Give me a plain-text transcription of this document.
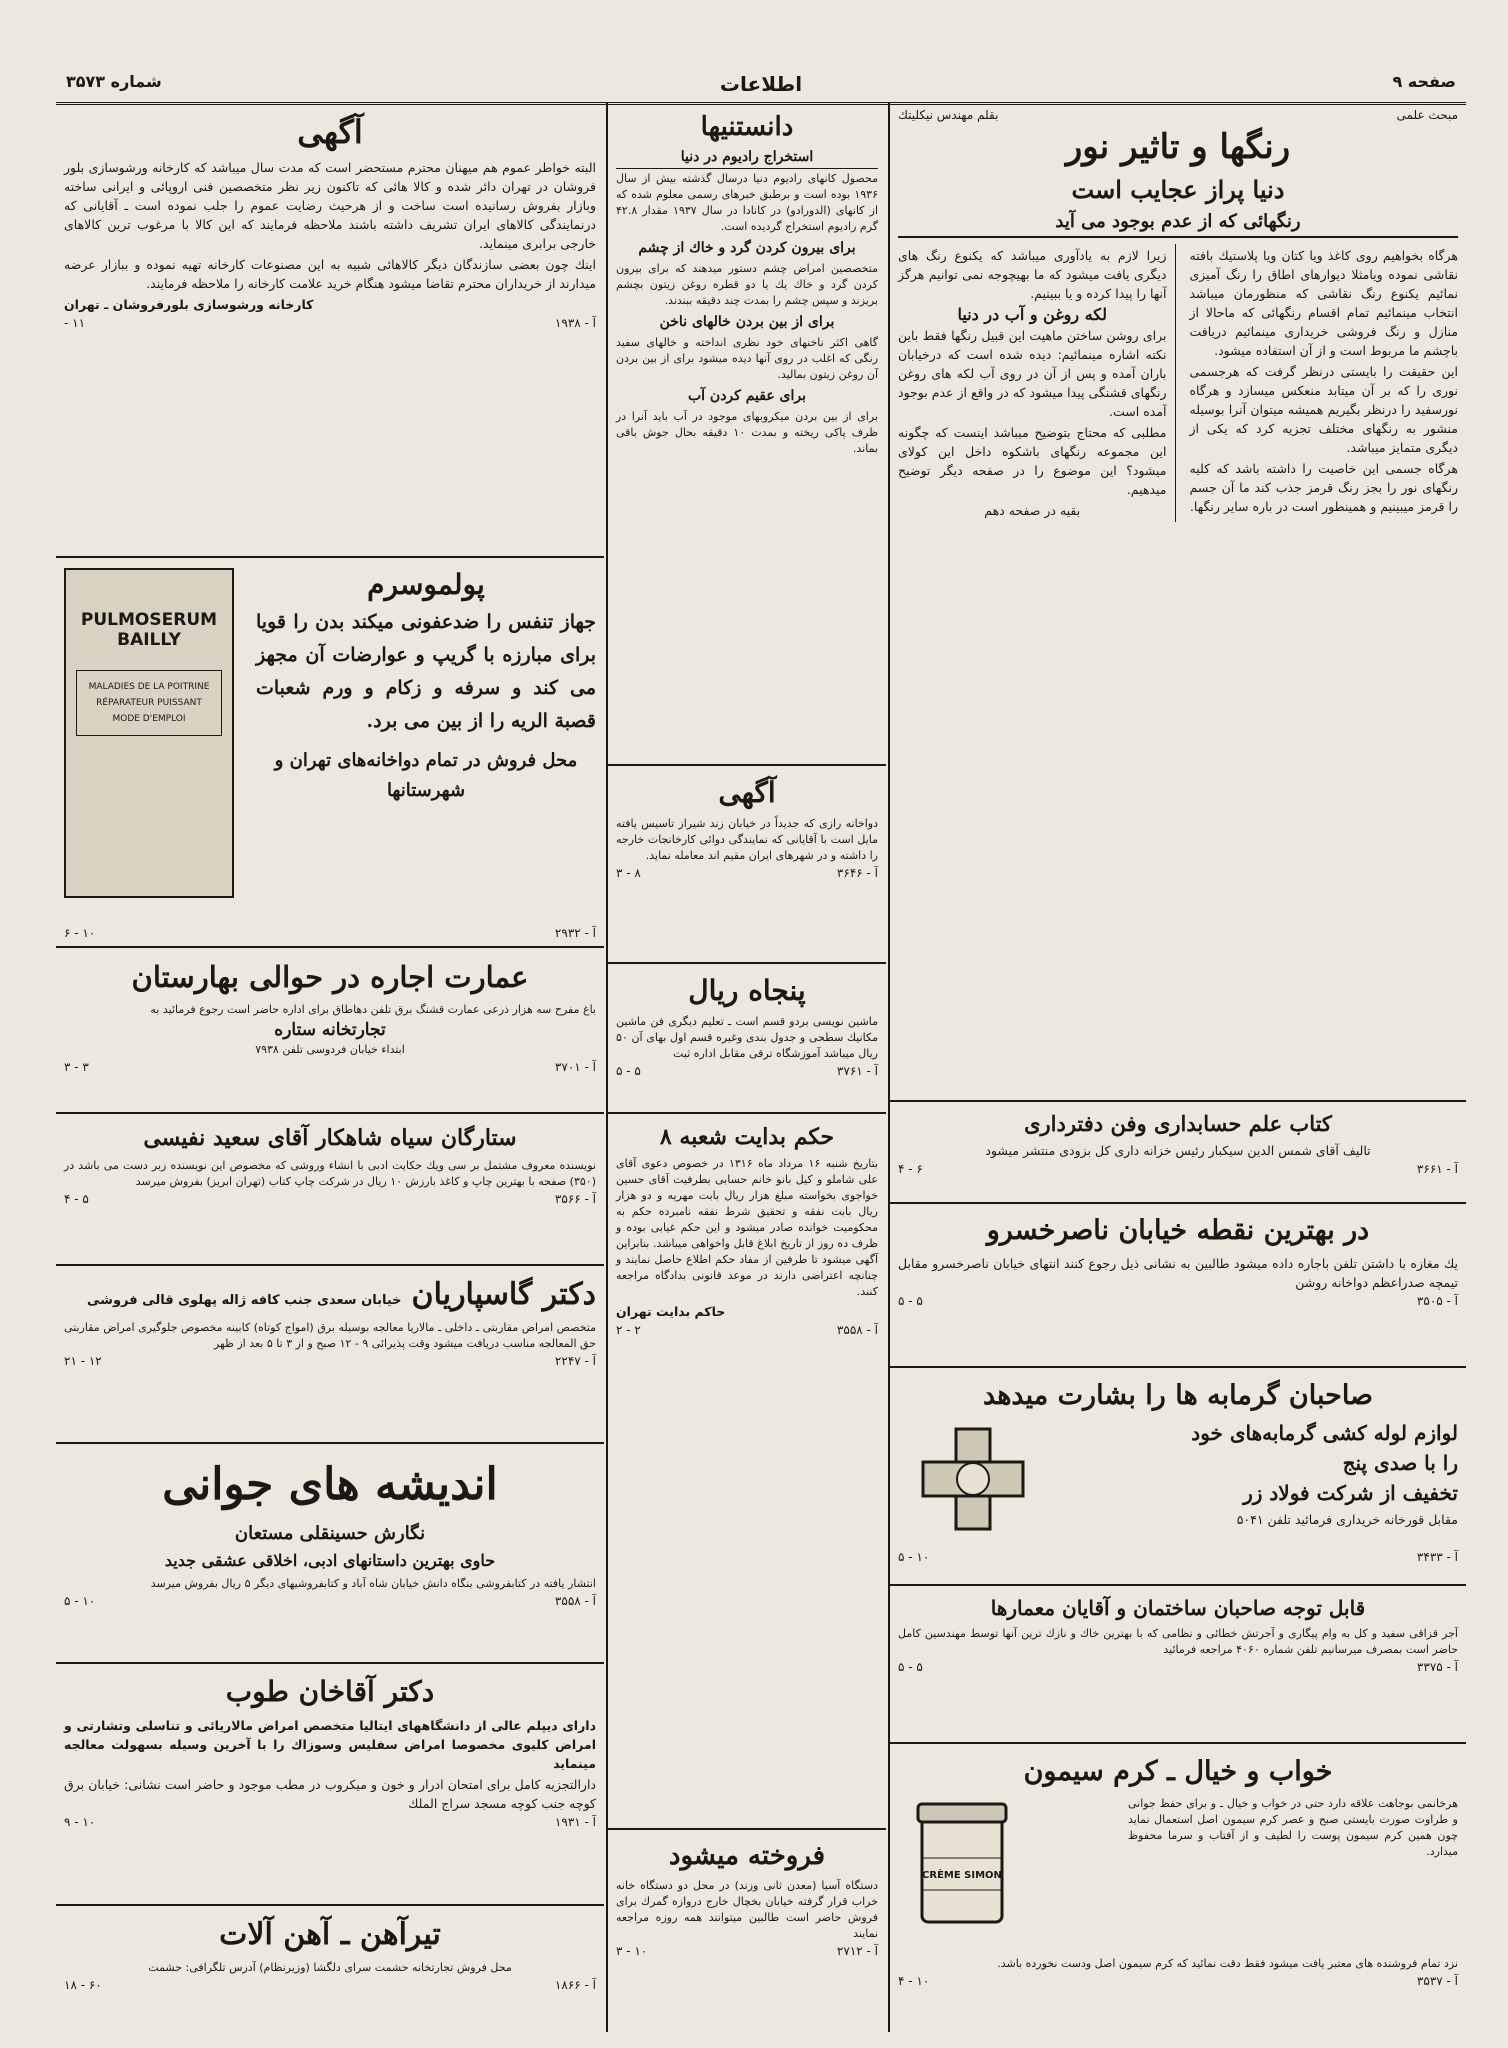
صفحه ۹
اطلاعات
شماره ۳۵۷۳
مبحث علمی
بقلم مهندس نیکلیتك
رنگها و تاثیر نور
دنیا پراز عجایب است
رنگهائی که از عدم بوجود می آید

هرگاه بخواهیم روی کاغذ ویا کتان ویا پلاستیك بافته نقاشی نموده ویامثلا دیوارهای اطاق را رنگ آمیزی نمائیم یکنوع رنگ نقاشی که منظورمان میباشد انتخاب مینمائیم تمام اقسام رنگهائی که ماحالا از منازل و رنگ فروشی خریداری مینمائیم دریافت باچشم ما مربوط است و از آن استفاده میشود.

این حقیقت را بایستی درنظر گرفت که هرجسمی نوری را که بر آن میتابد منعکس میسازد و هرگاه نورسفید را درنظر بگیریم همیشه میتوان آنرا بوسیله منشور به رنگهای مختلف تجزیه کرد که یکی از دیگری متمایز میباشد.

هرگاه جسمی این خاصیت را داشته باشد که کلیه رنگهای نور را بجز رنگ قرمز جذب کند ما آن جسم را قرمز میبینیم و همینطور است در باره سایر رنگها.

زیرا لازم به یادآوری میباشد که یکنوع رنگ های دیگری یافت میشود که ما بهیچوجه نمی توانیم هرگز آنها را پیدا کرده و یا ببینیم.

لکه روغن و آب در دنیا

برای روشن ساختن ماهیت این قبیل رنگها فقط باین نکته اشاره مینمائیم: دیده شده است که درخیابان باران آمده و پس از آن در روی آب لکه های روغن رنگهای قشنگی پیدا میشود که در واقع از عدم بوجود آمده است.

مطلبی که محتاج بتوضیح میباشد اینست که چگونه این مجموعه رنگهای باشکوه داخل این کولای میشود؟ این موضوع را در صفحه دیگر توضیح میدهیم.

بقیه در صفحه دهم

کتاب علم حسابداری وفن دفترداری
تالیف آقای شمس الدین سیکبار رئیس خزانه داری کل بزودی منتشر میشود
آ - ۳۶۶۱
۶ - ۴
در بهترین نقطه خیابان ناصرخسرو
یك مغازه با داشتن تلفن باجاره داده میشود طالبین به نشانی ذیل رجوع کنند انتهای خیابان ناصرخسرو مقابل تیمچه صدراعظم دواخانه روشن
آ - ۳۵۰۵
۵ - ۵
صاحبان گرمابه ها را بشارت میدهد
لوازم لوله کشی گرمابه‌های خود را با صدی پنج
تخفیف از شرکت فولاد زر
مقابل قورخانه خریداری فرمائید تلفن ۵۰۴۱
آ - ۳۴۳۳
۱۰ - ۵
قابل توجه صاحبان ساختمان و آقایان معمارها
آجر قزاقی سفید و کل به وام پیگاری و آجرتش خطائی و نظامی که با بهترین خاك و نازك ترین آنها توسط مهندسین کامل حاضر است بمصرف میرسانیم تلفن شماره ۴۰۶۰ مراجعه فرمائید
آ - ۳۳۷۵
۵ - ۵
خواب و خیال ـ کرم سیمون
هرخانمی بوجاهت علاقه دارد حتی در خواب و خیال ـ و برای حفظ جوانی و طراوت صورت بایستی صبح و عصر کرم سیمون اصل استعمال نماید چون همین کرم سیمون پوست را لطیف و از آفتاب و سرما محفوظ میدارد.
CRÈME SIMON
نزد تمام فروشنده های معتبر یافت میشود فقط دقت نمائید که کرم سیمون اصل ودست نخورده باشد.
آ - ۳۵۳۷
۱۰ - ۴
دانستنیها
استخراج رادیوم در دنیا

محصول کانهای رادیوم دنیا درسال گذشته بیش از سال ۱۹۳۶ بوده است و برطبق خبرهای رسمی معلوم شده که از کانهای (الدورادو) در کانادا در سال ۱۹۳۷ مقدار ۴۲.۸ گرم رادیوم استخراج گردیده است.

برای بیرون کردن گرد و خاك از چشم

متخصصین امراض چشم دستور میدهند که برای بیرون کردن گرد و خاك یك یا دو قطره روغن زیتون بچشم بریزند و سپس چشم را بمدت چند دقیقه ببندند.

برای از بین بردن خالهای ناخن

گاهی اکثر ناخنهای خود نظری انداخته و خالهای سفید رنگی که اغلب در روی آنها دیده میشود برای از بین بردن آن روغن زیتون بمالید.

برای عقیم کردن آب

برای از بین بردن میکروبهای موجود در آب باید آنرا در ظرف پاکی ریخته و بمدت ۱۰ دقیقه بحال جوش باقی بماند.

آگهی

دواخانه رازی که جدیداً در خیابان زند شیراز تاسیس یافته مایل است با آقایانی که نمایندگی دوائی کارخانجات خارجه را داشته و در شهرهای ایران مقیم اند معامله نماید.

آ - ۳۶۴۶
۸ - ۳
پنجاه ریال

ماشین نویسی بردو قسم است ـ تعلیم دیگری فن ماشین مکانیك سطحی و جدول بندی وغیره قسم اول بهای آن ۵۰ ریال میباشد آموزشگاه ترقی مقابل اداره ثبت

آ - ۳۷۶۱
۵ - ۵
حکم بدایت شعبه ۸

بتاریخ شنبه ۱۶ مرداد ماه ۱۳۱۶ در خصوص دعوی آقای علی شاملو و کیل بانو خانم حسابی بطرفیت آقای حسین خواجوی بخواسته مبلغ هزار ریال بابت مهریه و دو هزار ریال بابت نفقه و تحقیق شرط نفقه نامبرده حکم به محکومیت خوانده صادر میشود و این حکم غیابی بوده و ظرف ده روز از تاریخ ابلاغ قابل واخواهی میباشد. بنابراین آگهی میشود تا طرفین از مفاد حکم اطلاع حاصل نمایند و چنانچه اعتراضی دارند در موعد قانونی بدادگاه مراجعه کنند.

حاکم بدایت تهران

آ - ۳۵۵۸
۲ - ۲
فروخته میشود

دستگاه آسیا (معدن ثانی وزند) در محل دو دستگاه خانه خراب قرار گرفته خیابان بخچال خارج دروازه گمرك برای فروش حاضر است طالبین میتوانند همه روزه مراجعه نمایند

آ - ۲۷۱۲
۱۰ - ۳
آگهی

البته خواطر عموم هم میهنان محترم مستحضر است که مدت سال میباشد که کارخانه ورشوسازی بلور فروشان در تهران دائر شده و کالا هائی که تاکنون زیر نظر متخصصین فنی اروپائی و ایرانی ساخته وبازار بفروش رسانیده است ساخت و از هرحیث رضایت عموم را جلب نموده است ـ آقایانی که درنمایندگی کالاهای ایران تشریف داشته باشند ملاحظه فرمایند که این کالا با مرغوب ترین کالاهای خارجی برابری مینماید.

اینك چون بعضی سازندگان دیگر کالاهائی شبیه به این مصنوعات کارخانه تهیه نموده و ببازار عرضه میدارند از خریداران محترم تقاضا میشود هنگام خرید علامت کارخانه را ملاحظه فرمایند.

کارخانه ورشوسازی بلورفروشان ـ تهران

آ - ۱۹۳۸
۱۱ -
PULMOSERUM
BAILLY
MALADIES DE LA POITRINE
RÉPARATEUR PUISSANT
MODE D'EMPLOI
پولموسرم
جهاز تنفس را ضدعفونی میکند بدن را قویا برای مبارزه با گریپ و عوارضات آن مجهز می کند و سرفه و زکام و ورم شعبات قصبة الریه را از بین می برد.
محل فروش در تمام دواخانه‌های تهران و شهرستانها
آ - ۲۹۳۲
۱۰ - ۶
عمارت اجاره در حوالی بهارستان

باغ مفرح سه هزار ذرعی عمارت قشنگ برق تلفن دهاطاق برای اداره حاضر است رجوع فرمائید به

تجارتخانه ستاره

ابتداء خیابان فردوسی تلفن ۷۹۳۸

آ - ۳۷۰۱
۳ - ۳
ستارگان سیاه شاهکار آقای سعید نفیسی

نویسنده معروف مشتمل بر سی ویك حکایت ادبی با انشاء وروشی که مخصوص این نویسنده زبر دست می باشد در (۳۵۰) صفحه با بهترین چاپ و کاغذ بارزش ۱۰ ریال در شرکت چاپ کتاب (تهران ابریز) بفروش میرسد

آ - ۳۵۶۶
۵ - ۴
دکتر گاسپاریان
خیابان سعدی جنب کافه ژاله پهلوی قالی فروشی

متخصص امراض مقاربتی ـ داخلی ـ مالاریا معالجه بوسیله برق (امواج کوتاه) کابینه مخصوص جلوگیری امراض مقاربتی حق المعالجه مناسب دریافت میشود وقت پذیرائی ۹ - ۱۲ صبح و از ۳ تا ۵ بعد از ظهر

آ - ۲۲۴۷
۱۲ - ۲۱
اندیشه های جوانی
نگارش حسینقلی مستعان
حاوی بهترین داستانهای ادبی، اخلاقی عشقی جدید

انتشار یافته در کتابفروشی بنگاه دانش خیابان شاه آباد و کتابفروشیهای دیگر ۵ ریال بفروش میرسد

آ - ۳۵۵۸
۱۰ - ۵
دکتر آقاخان طوب

دارای دیپلم عالی از دانشگاههای ایتالیا متخصص امراض مالاریائی و تناسلی وتشارتی و امراض کلیوی مخصوصا امراض سفلیس وسوزاك را با آخرین وسیله بسهولت معالجه مینماید

دارالتجزیه کامل برای امتحان ادرار و خون و میکروب در مطب موجود و حاضر است نشانی: خیابان برق کوچه جنب کوچه مسجد سراج الملك

آ - ۱۹۳۱
۱۰ - ۹
تیرآهن ـ آهن آلات

محل فروش تجارتخانه حشمت سرای دلگشا (وزیرنظام) آدرس تلگرافی: حشمت

آ - ۱۸۶۶
۶۰ - ۱۸
